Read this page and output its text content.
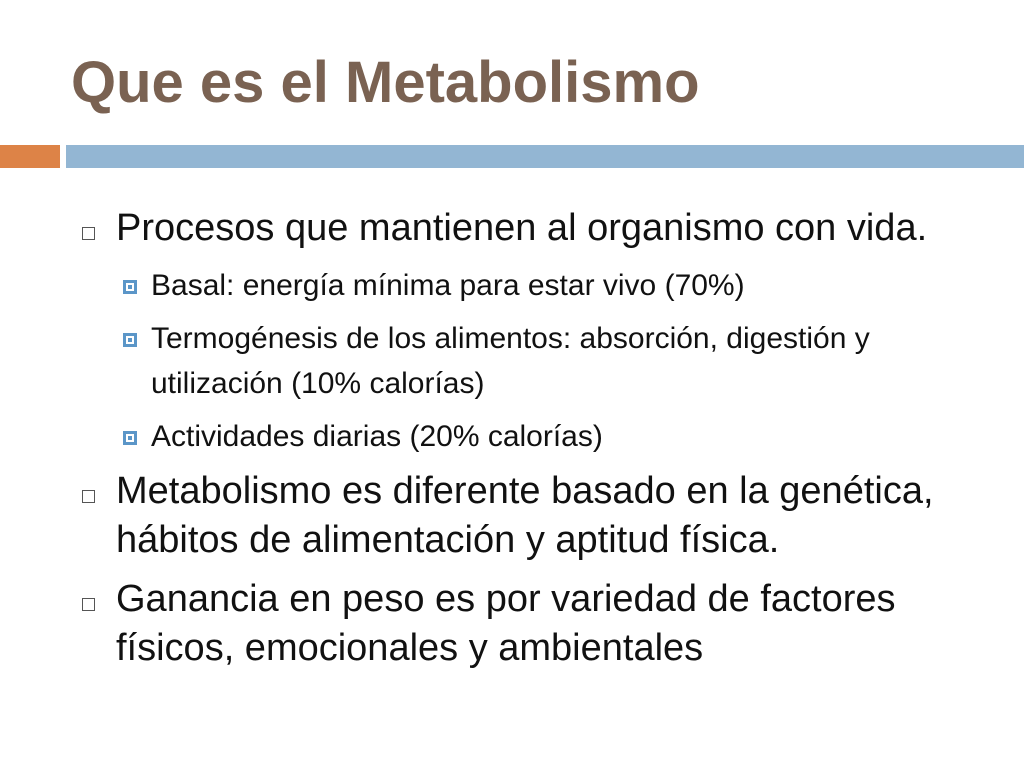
Que es el Metabolismo
Procesos que mantienen al organismo con vida.
Basal: energía mínima para estar vivo (70%)
Termogénesis de los alimentos: absorción, digestión y utilización (10% calorías)
Actividades diarias (20% calorías)
Metabolismo es diferente basado en la genética, hábitos de alimentación y aptitud física.
Ganancia en peso es por variedad de factores físicos, emocionales y ambientales
